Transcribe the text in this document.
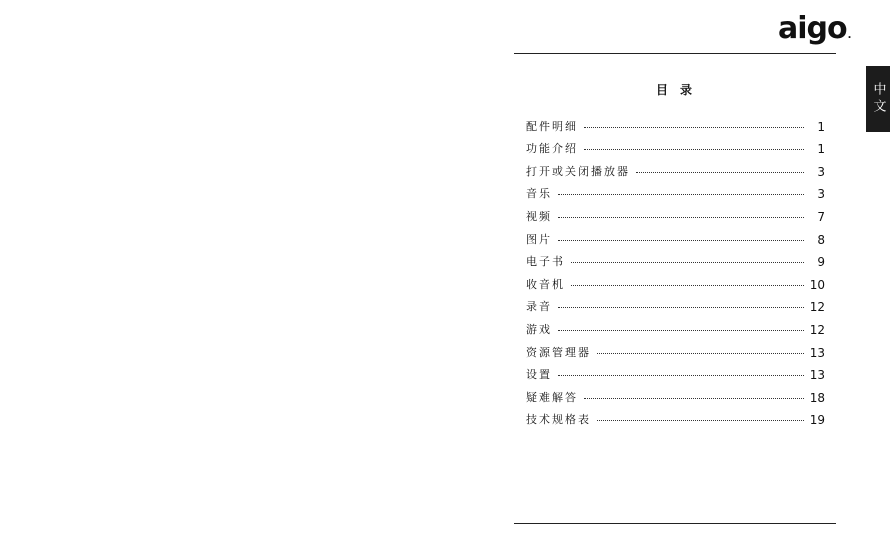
aigo.
目录
配件明细	1
功能介绍	1
打开或关闭播放器	3
音乐	3
视频	7
图片	8
电子书	9
收音机	10
录音	12
游戏	12
资源管理器	13
设置	13
疑难解答	18
技术规格表	19
中文
